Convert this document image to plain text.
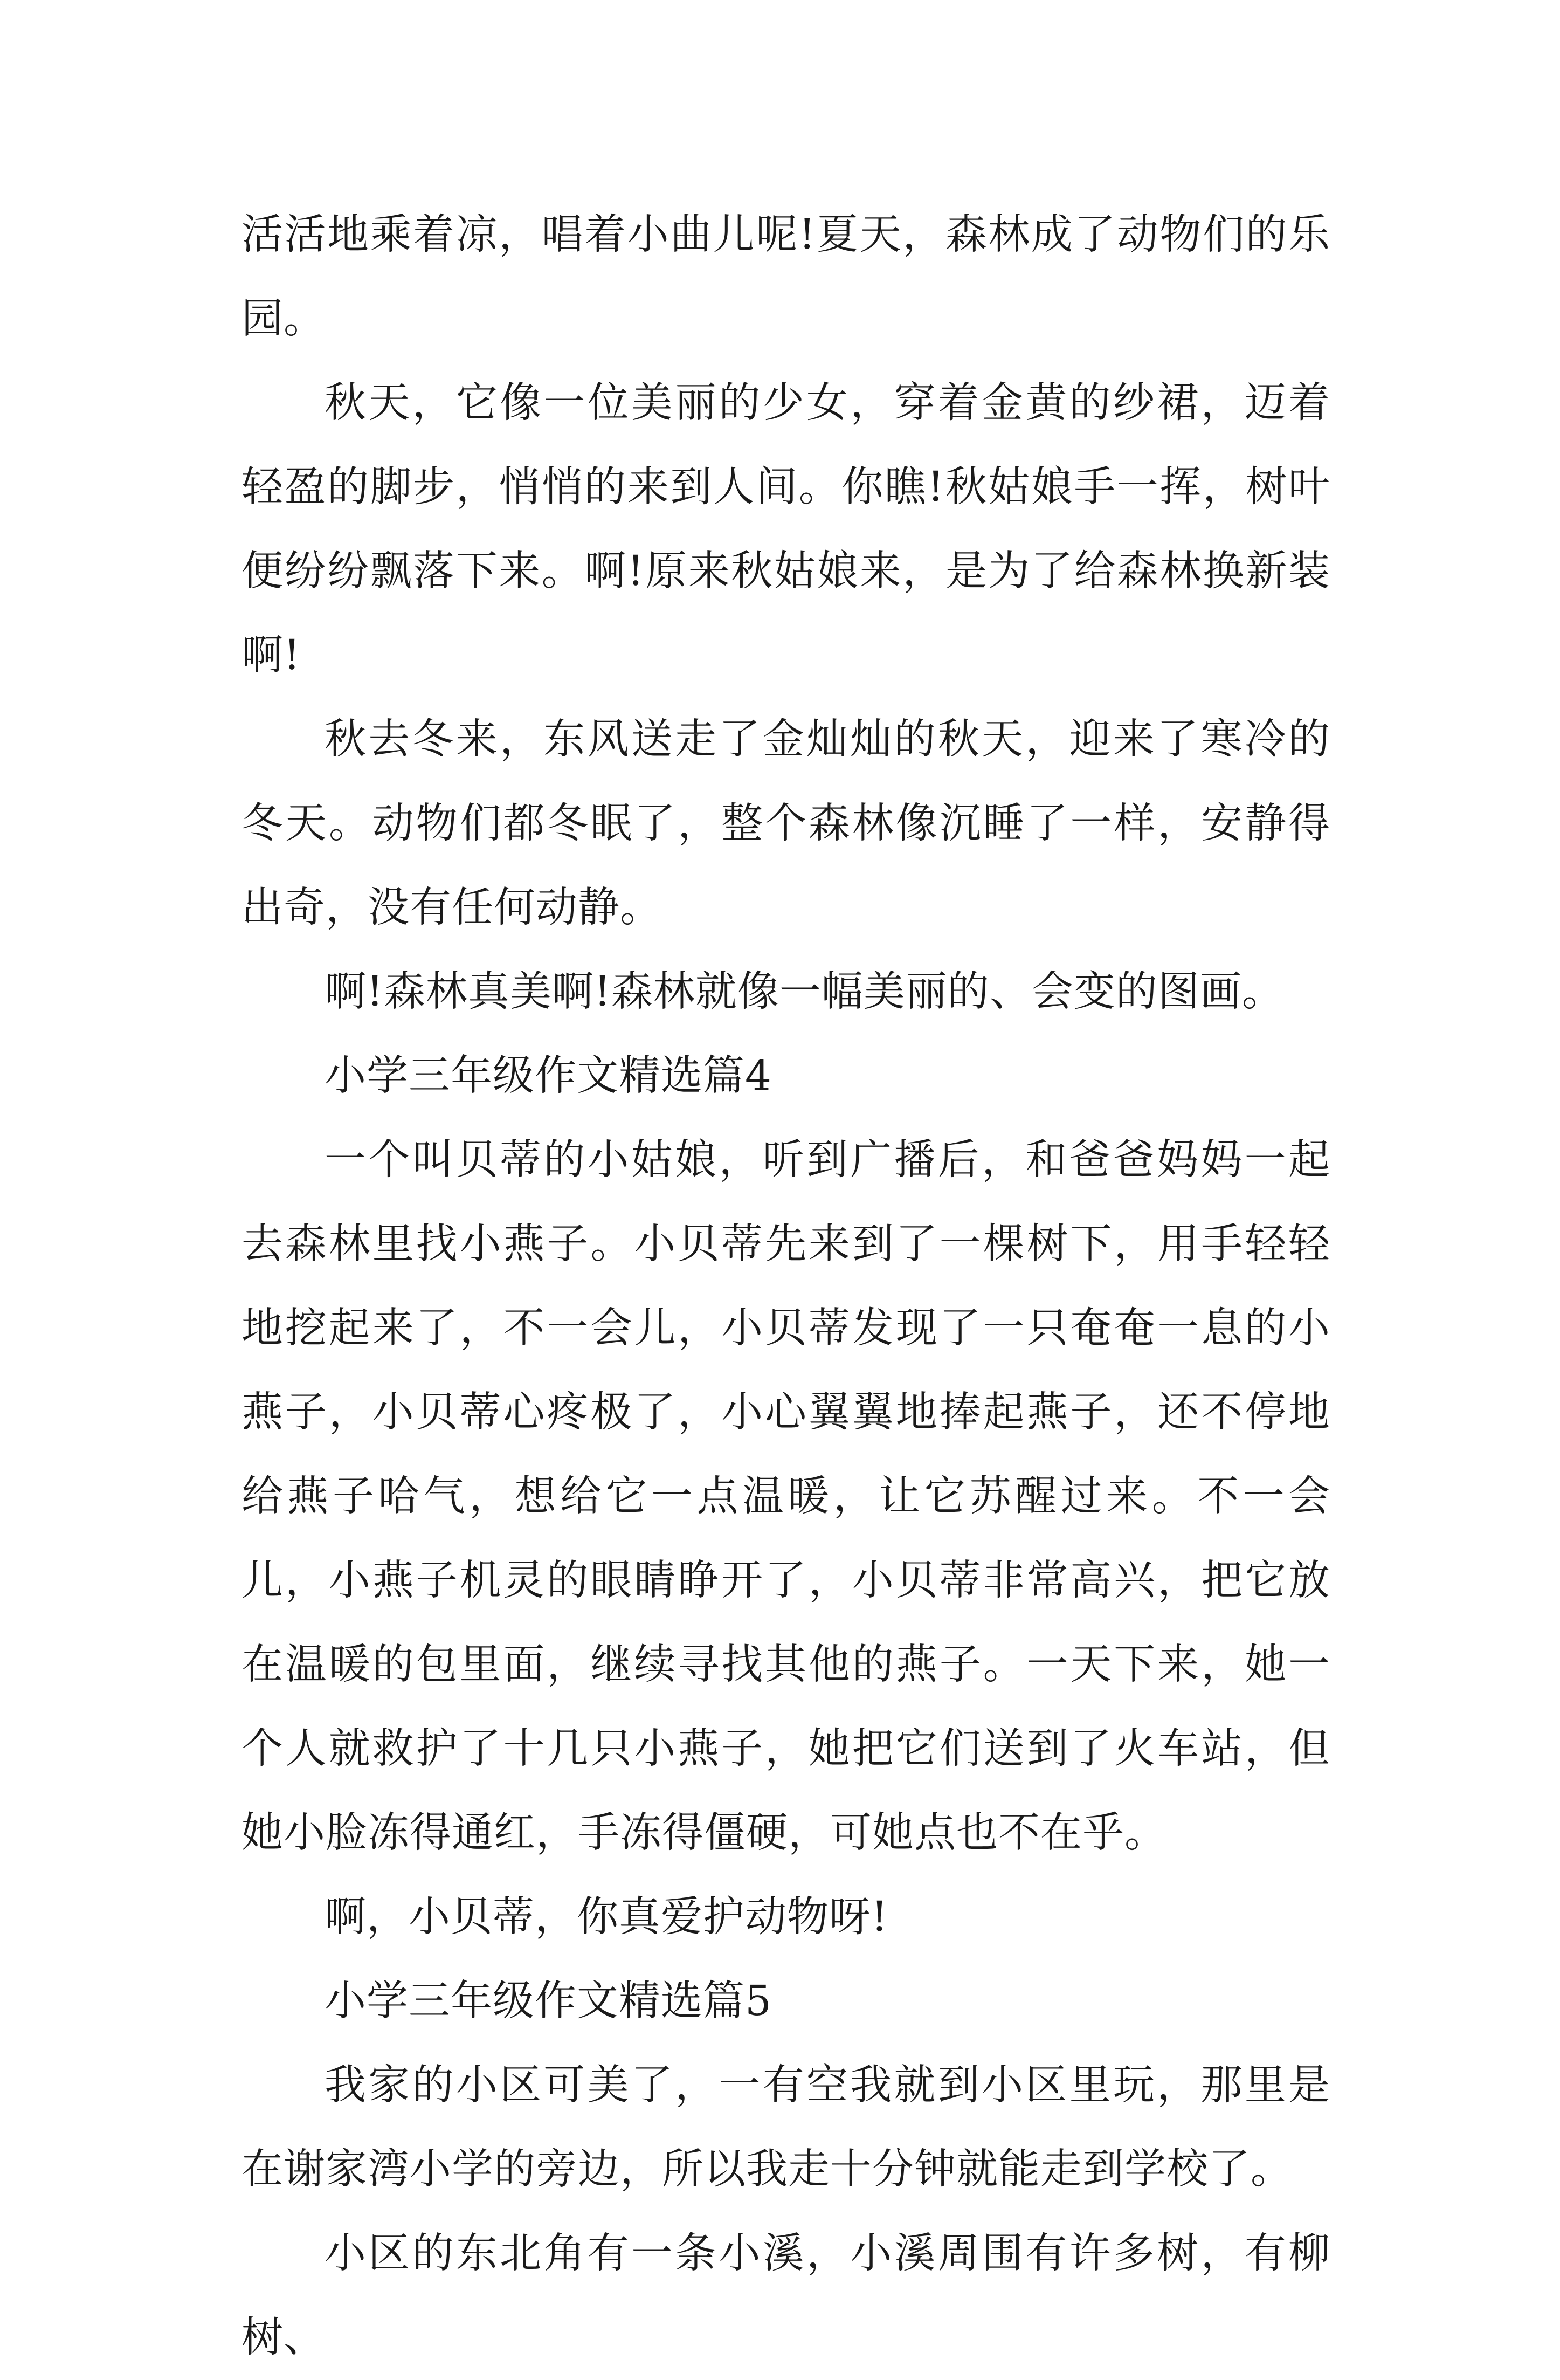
活活地乘着凉，唱着小曲儿呢!夏天，森林成了动物们的乐园。

秋天，它像一位美丽的少女，穿着金黄的纱裙，迈着轻盈的脚步，悄悄的来到人间。你瞧!秋姑娘手一挥，树叶便纷纷飘落下来。啊!原来秋姑娘来，是为了给森林换新装啊!

秋去冬来，东风送走了金灿灿的秋天，迎来了寒冷的冬天。动物们都冬眠了，整个森林像沉睡了一样，安静得出奇，没有任何动静。

啊!森林真美啊!森林就像一幅美丽的、会变的图画。

小学三年级作文精选篇4

一个叫贝蒂的小姑娘，听到广播后，和爸爸妈妈一起去森林里找小燕子。小贝蒂先来到了一棵树下，用手轻轻地挖起来了，不一会儿，小贝蒂发现了一只奄奄一息的小燕子，小贝蒂心疼极了，小心翼翼地捧起燕子，还不停地给燕子哈气，想给它一点温暖，让它苏醒过来。不一会儿，小燕子机灵的眼睛睁开了，小贝蒂非常高兴，把它放在温暖的包里面，继续寻找其他的燕子。一天下来，她一个人就救护了十几只小燕子，她把它们送到了火车站，但她小脸冻得通红，手冻得僵硬，可她点也不在乎。

啊，小贝蒂，你真爱护动物呀!

小学三年级作文精选篇5

我家的小区可美了，一有空我就到小区里玩，那里是在谢家湾小学的旁边，所以我走十分钟就能走到学校了。

小区的东北角有一条小溪，小溪周围有许多树，有柳树、
